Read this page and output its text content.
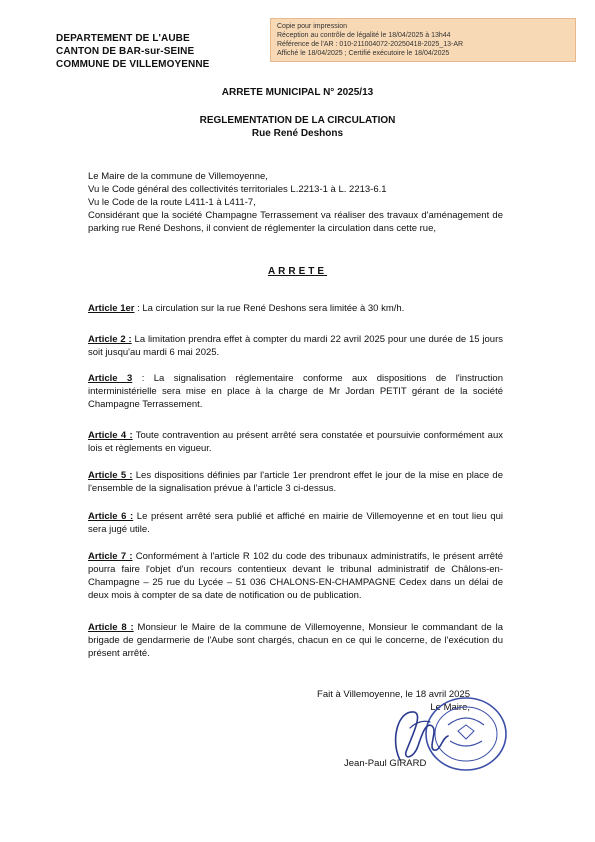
Copie pour impression
Réception au contrôle de légalité le 18/04/2025 à 13h44
Référence de l'AR : 010-211004072-20250418-2025_13-AR
Affiché le 18/04/2025 ; Certifié exécutoire le 18/04/2025
DEPARTEMENT DE L'AUBE
CANTON DE BAR-sur-SEINE
COMMUNE DE VILLEMOYENNE
ARRETE MUNICIPAL N° 2025/13
REGLEMENTATION DE LA CIRCULATION
Rue René Deshons

Le Maire de la commune de Villemoyenne,

Vu le Code général des collectivités territoriales L.2213-1 à L. 2213-6.1

Vu le Code de la route L411-1 à L411-7,

Considérant que la société Champagne Terrassement va réaliser des travaux d'aménagement de parking rue René Deshons, il convient de réglementer la circulation dans cette rue,

ARRETE

Article 1er : La circulation sur la rue René Deshons sera limitée à 30 km/h.

Article 2 : La limitation prendra effet à compter du mardi 22 avril 2025 pour une durée de 15 jours soit jusqu'au mardi 6 mai 2025.

Article 3 : La signalisation réglementaire conforme aux dispositions de l'instruction interministérielle sera mise en place à la charge de Mr Jordan PETIT gérant de la société Champagne Terrassement.

Article 4 : Toute contravention au présent arrêté sera constatée et poursuivie conformément aux lois et règlements en vigueur.

Article 5 : Les dispositions définies par l'article 1er prendront effet le jour de la mise en place de l'ensemble de la signalisation prévue à l'article 3 ci-dessus.

Article 6 : Le présent arrêté sera publié et affiché en mairie de Villemoyenne et en tout lieu qui sera jugé utile.

Article 7 : Conformément à l'article R 102 du code des tribunaux administratifs, le présent arrêté pourra faire l'objet d'un recours contentieux devant le tribunal administratif de Châlons-en-Champagne – 25 rue du Lycée – 51 036 CHALONS-EN-CHAMPAGNE Cedex dans un délai de deux mois à compter de sa date de notification ou de publication.

Article 8 : Monsieur le Maire de la commune de Villemoyenne, Monsieur le commandant de la brigade de gendarmerie de l'Aube sont chargés, chacun en ce qui le concerne, de l'exécution du présent arrêté.

Fait à Villemoyenne, le 18 avril 2025
Le Maire,
Jean-Paul GIRARD
